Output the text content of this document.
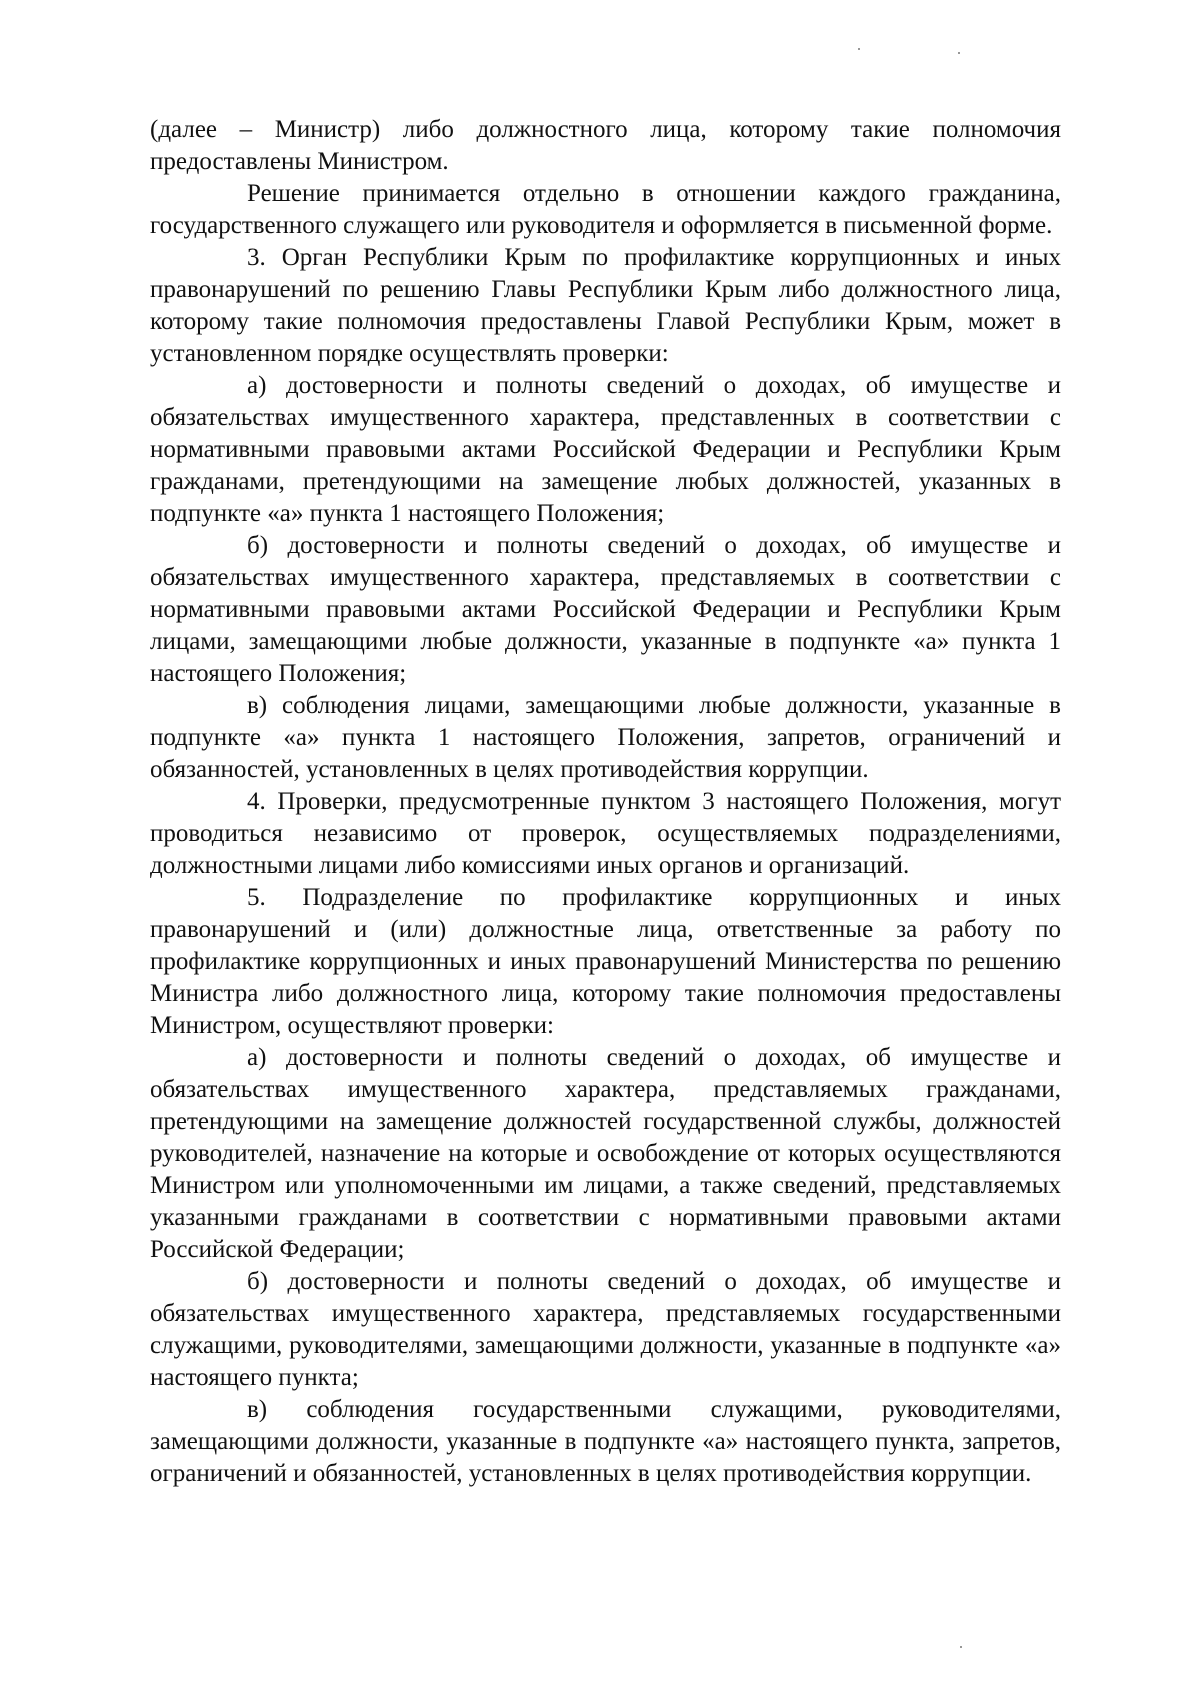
(далее – Министр) либо должностного лица, которому такие полномочия предоставлены Министром.

Решение принимается отдельно в отношении каждого гражданина, государственного служащего или руководителя и оформляется в письменной форме.

3. Орган Республики Крым по профилактике коррупционных и иных правонарушений по решению Главы Республики Крым либо должностного лица, которому такие полномочия предоставлены Главой Республики Крым, может в установленном порядке осуществлять проверки:

а) достоверности и полноты сведений о доходах, об имуществе и обязательствах имущественного характера, представленных в соответствии с нормативными правовыми актами Российской Федерации и Республики Крым гражданами, претендующими на замещение любых должностей, указанных в подпункте «а» пункта 1 настоящего Положения;

б) достоверности и полноты сведений о доходах, об имуществе и обязательствах имущественного характера, представляемых в соответствии с нормативными правовыми актами Российской Федерации и Республики Крым лицами, замещающими любые должности, указанные в подпункте «а» пункта 1 настоящего Положения;

в) соблюдения лицами, замещающими любые должности, указанные в подпункте «а» пункта 1 настоящего Положения, запретов, ограничений и обязанностей, установленных в целях противодействия коррупции.

4. Проверки, предусмотренные пунктом 3 настоящего Положения, могут проводиться независимо от проверок, осуществляемых подразделениями, должностными лицами либо комиссиями иных органов и организаций.

5. Подразделение по профилактике коррупционных и иных правонарушений и (или) должностные лица, ответственные за работу по профилактике коррупционных и иных правонарушений Министерства по решению Министра либо должностного лица, которому такие полномочия предоставлены Министром, осуществляют проверки:

а) достоверности и полноты сведений о доходах, об имуществе и обязательствах имущественного характера, представляемых гражданами, претендующими на замещение должностей государственной службы, должностей руководителей, назначение на которые и освобождение от которых осуществляются Министром или уполномоченными им лицами, а также сведений, представляемых указанными гражданами в соответствии с нормативными правовыми актами Российской Федерации;

б) достоверности и полноты сведений о доходах, об имуществе и обязательствах имущественного характера, представляемых государственными служащими, руководителями, замещающими должности, указанные в подпункте «а» настоящего пункта;

в) соблюдения государственными служащими, руководителями, замещающими должности, указанные в подпункте «а» настоящего пункта, запретов, ограничений и обязанностей, установленных в целях противодействия коррупции.
